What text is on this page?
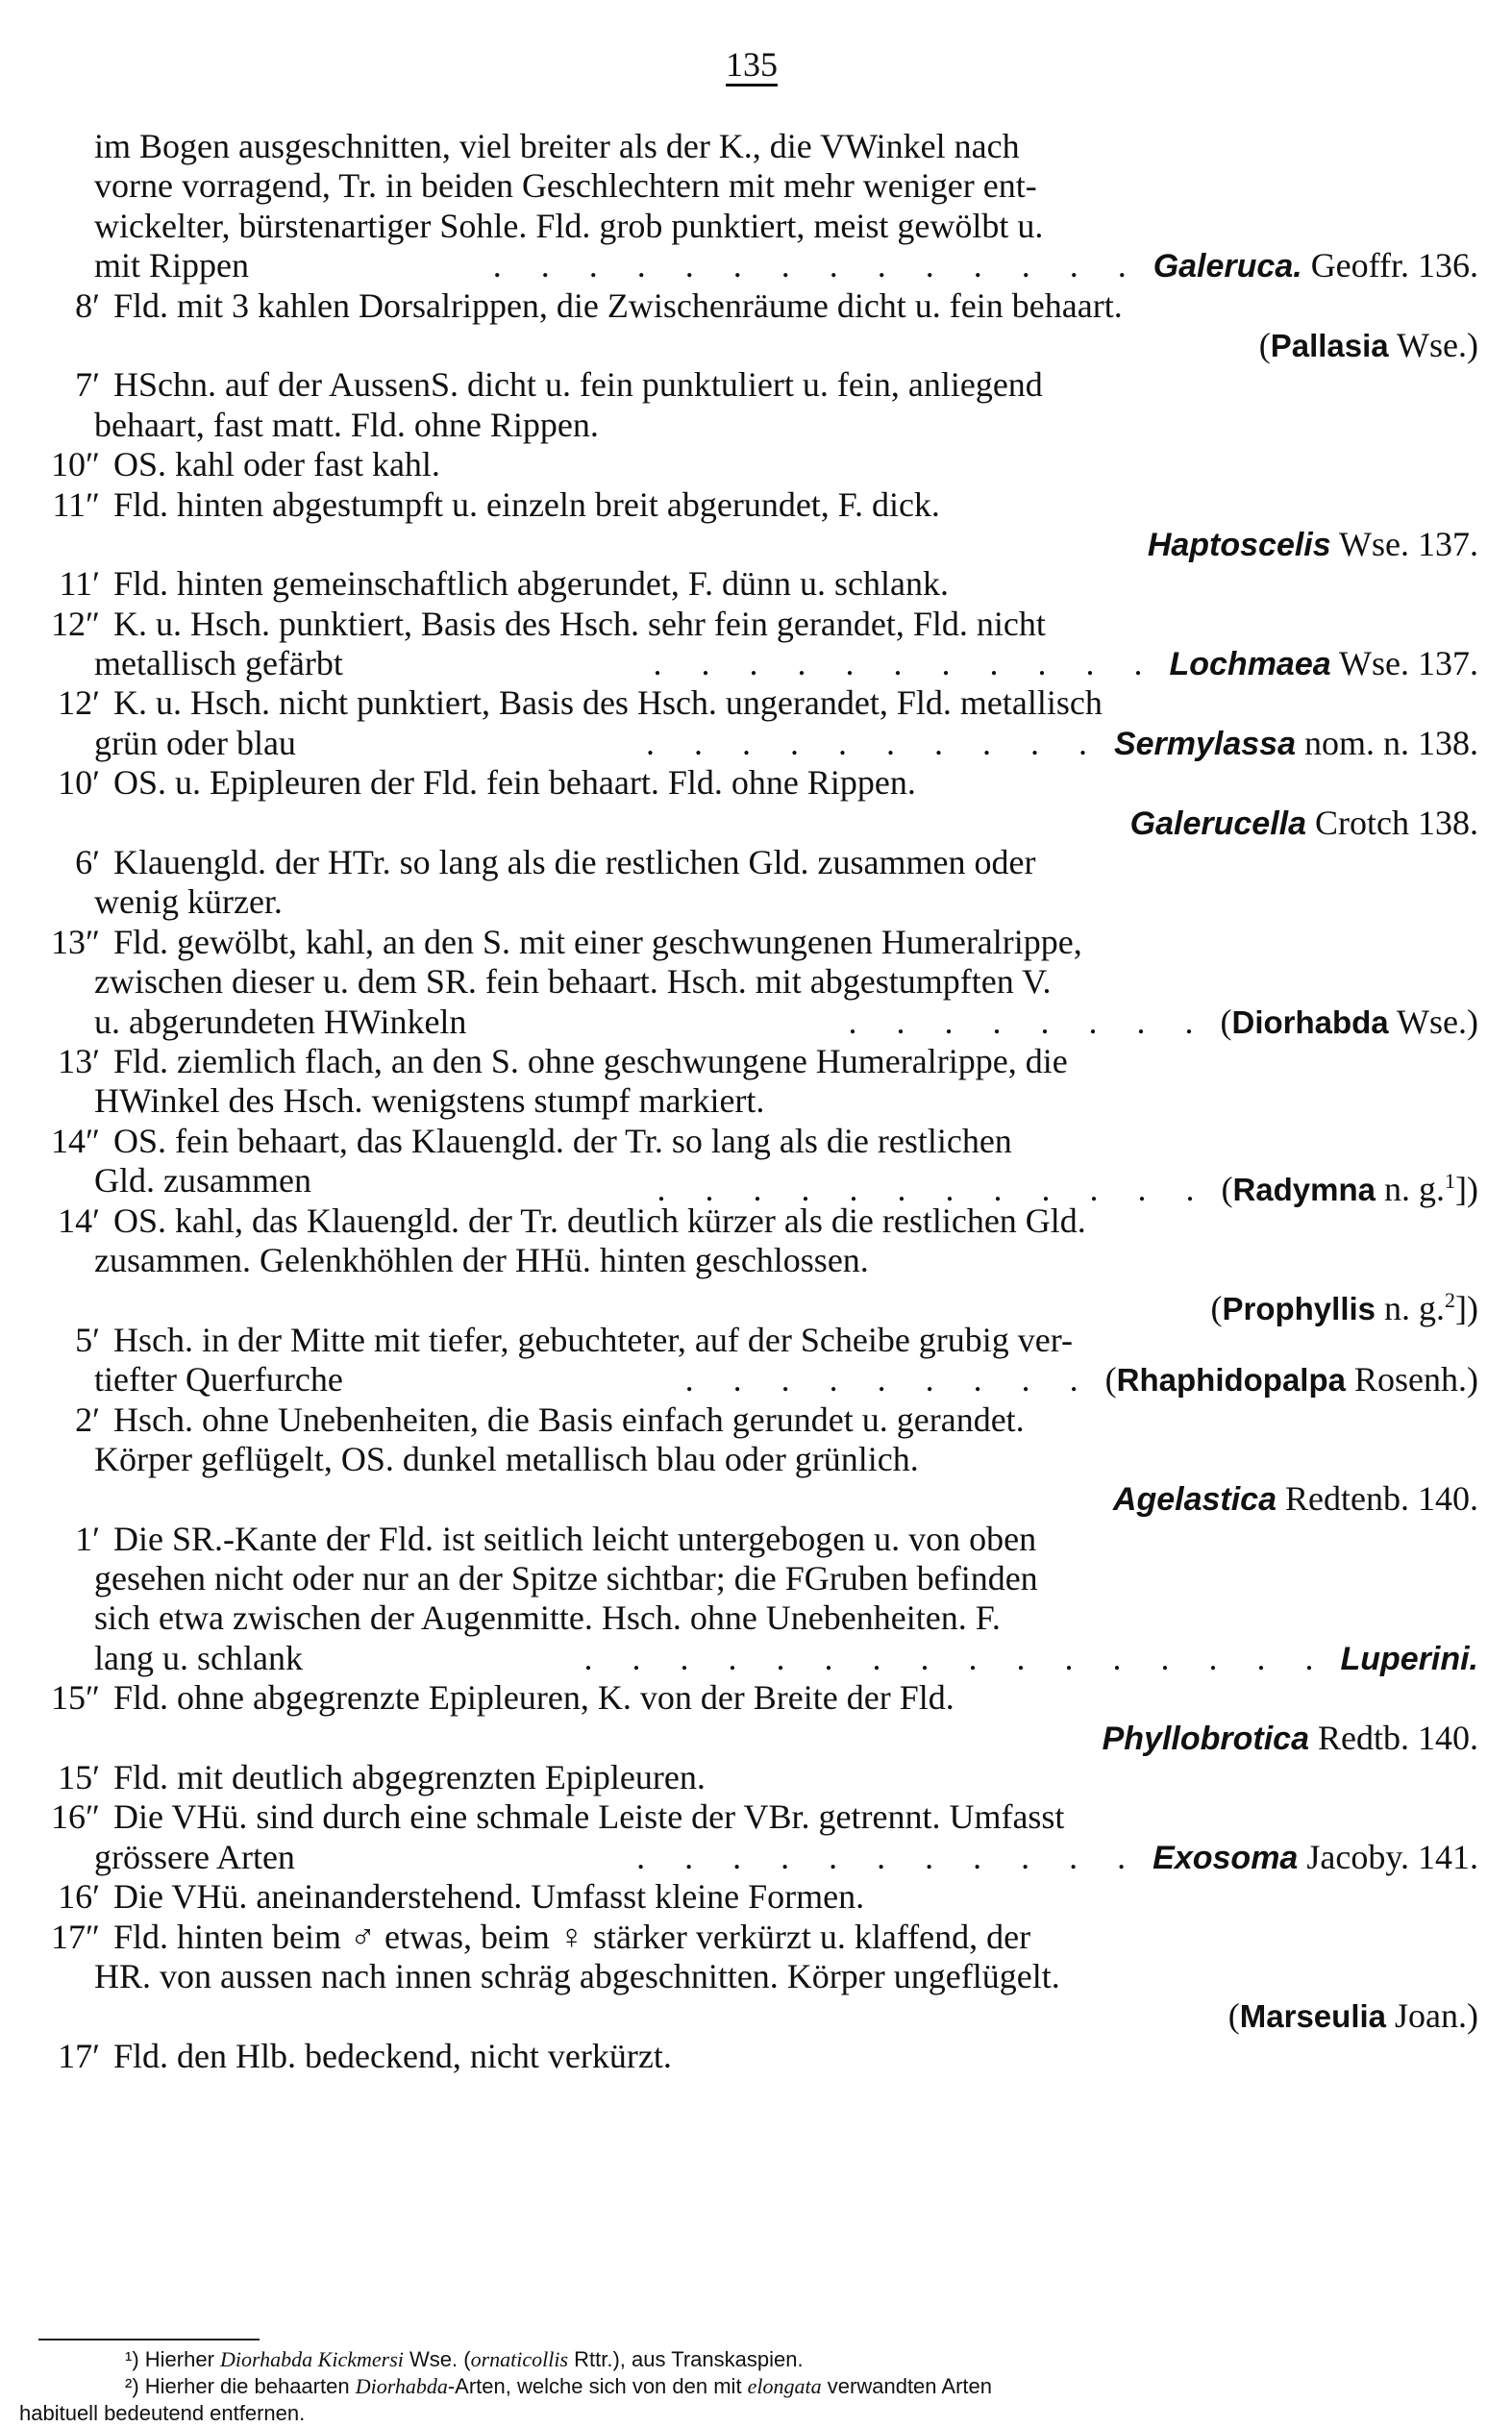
135
im Bogen ausgeschnitten, viel breiter als der K., die VWinkel nach
vorne vorragend, Tr. in beiden Geschlechtern mit mehr weniger ent-
wickelter, bürstenartiger Sohle. Fld. grob punktiert, meist gewölbt u.
mit Rippen	. . . . . . . . . . . . . . Galeruca. Geoffr. 136.
8′ Fld. mit 3 kahlen Dorsalrippen, die Zwischenräume dicht u. fein behaart.
(Pallasia Wse.)
7′ HSchn. auf der AussenS. dicht u. fein punktuliert u. fein, anliegend
behaart, fast matt. Fld. ohne Rippen.
10″ OS. kahl oder fast kahl.
11″ Fld. hinten abgestumpft u. einzeln breit abgerundet, F. dick.
Haptoscelis Wse. 137.
11′ Fld. hinten gemeinschaftlich abgerundet, F. dünn u. schlank.
12″ K. u. Hsch. punktiert, Basis des Hsch. sehr fein gerandet, Fld. nicht
metallisch gefärbt	. . . . . . . . . . . Lochmaea Wse. 137.
12′ K. u. Hsch. nicht punktiert, Basis des Hsch. ungerandet, Fld. metallisch
grün oder blau	. . . . . . . . . . Sermylassa nom. n. 138.
10′ OS. u. Epipleuren der Fld. fein behaart. Fld. ohne Rippen.
Galerucella Crotch 138.
6′ Klauengld. der HTr. so lang als die restlichen Gld. zusammen oder
wenig kürzer.
13″ Fld. gewölbt, kahl, an den S. mit einer geschwungenen Humeralrippe,
zwischen dieser u. dem SR. fein behaart. Hsch. mit abgestumpften V.
u. abgerundeten HWinkeln	. . . . . . . . (Diorhabda Wse.)
13′ Fld. ziemlich flach, an den S. ohne geschwungene Humeralrippe, die
HWinkel des Hsch. wenigstens stumpf markiert.
14″ OS. fein behaart, das Klauengld. der Tr. so lang als die restlichen
Gld. zusammen	. . . . . . . . . . . . (Radymna n. g.$^1$])
14′ OS. kahl, das Klauengld. der Tr. deutlich kürzer als die restlichen Gld.
zusammen. Gelenkhöhlen der HHü. hinten geschlossen.
(Prophyllis n. g.$^2$])
5′ Hsch. in der Mitte mit tiefer, gebuchteter, auf der Scheibe grubig ver-
tiefter Querfurche	. . . . . . . . . (Rhaphidopalpa Rosenh.)
2′ Hsch. ohne Unebenheiten, die Basis einfach gerundet u. gerandet.
Körper geflügelt, OS. dunkel metallisch blau oder grünlich.
Agelastica Redtenb. 140.
1′ Die SR.-Kante der Fld. ist seitlich leicht untergebogen u. von oben
gesehen nicht oder nur an der Spitze sichtbar; die FGruben befinden
sich etwa zwischen der Augenmitte. Hsch. ohne Unebenheiten. F.
lang u. schlank	. . . . . . . . . . . . . . . . Luperini.
15″ Fld. ohne abgegrenzte Epipleuren, K. von der Breite der Fld.
Phyllobrotica Redtb. 140.
15′ Fld. mit deutlich abgegrenzten Epipleuren.
16″ Die VHü. sind durch eine schmale Leiste der VBr. getrennt. Umfasst
grössere Arten	. . . . . . . . . . . Exosoma Jacoby. 141.
16′ Die VHü. aneinanderstehend. Umfasst kleine Formen.
17″ Fld. hinten beim ♂ etwas, beim ♀ stärker verkürzt u. klaffend, der
HR. von aussen nach innen schräg abgeschnitten. Körper ungeflügelt.
(Marseulia Joan.)
17′ Fld. den Hlb. bedeckend, nicht verkürzt.
¹) Hierher Diorhabda Kickmersi Wse. (ornaticollis Rttr.), aus Transkaspien.
²) Hierher die behaarten Diorhabda-Arten, welche sich von den mit elongata verwandten Arten
habituell bedeutend entfernen.
